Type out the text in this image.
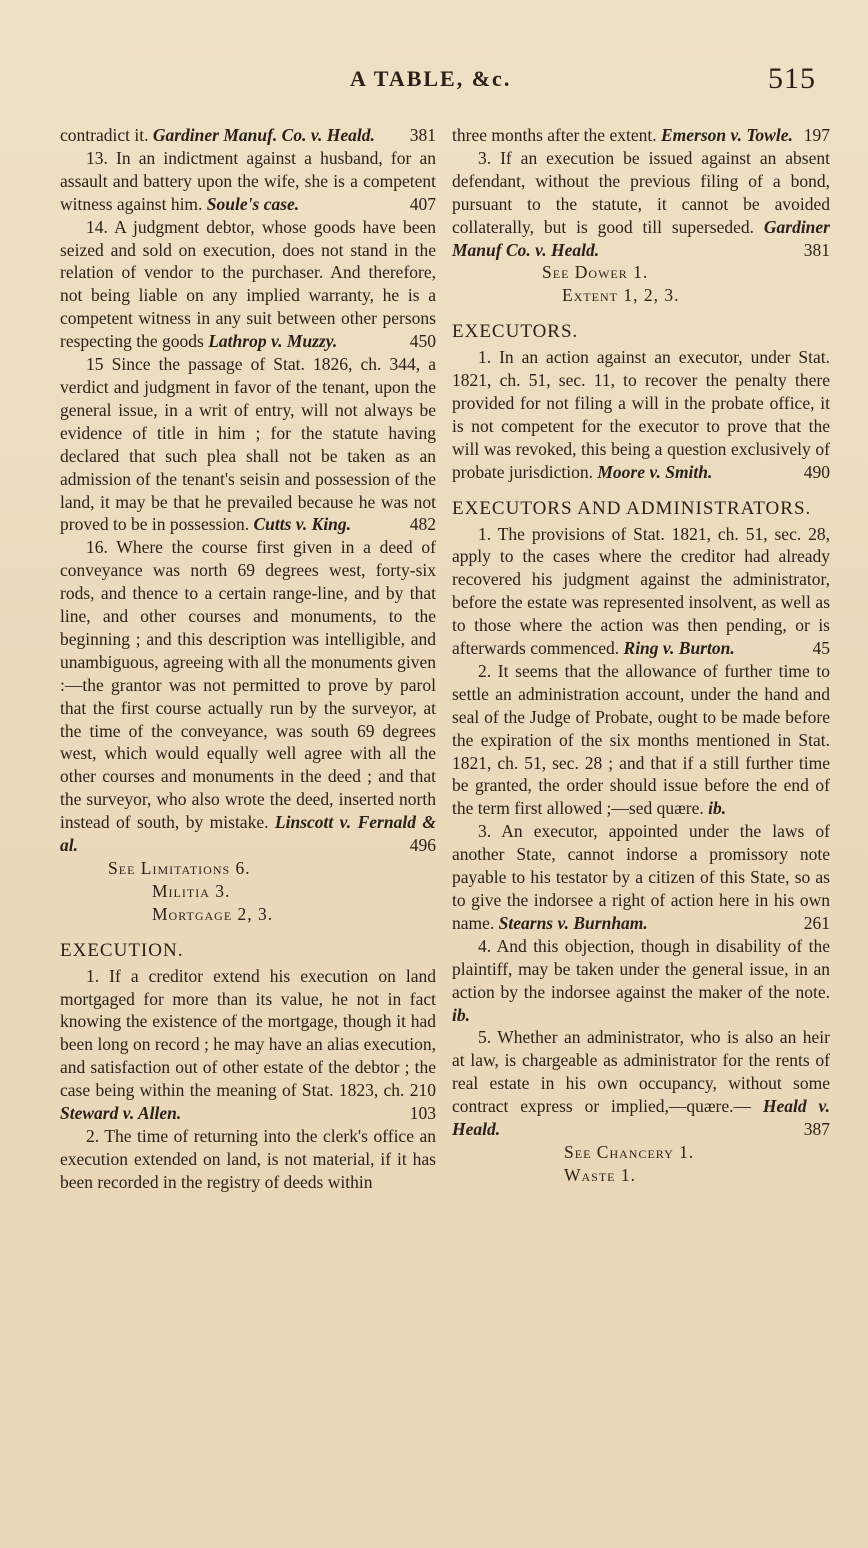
A TABLE, &c.	515

contradict it. Gardiner Manuf. Co. v. Heald. 381

13. In an indictment against a husband, for an assault and battery upon the wife, she is a competent witness against him. Soule's case.	407

14. A judgment debtor, whose goods have been seized and sold on execution, does not stand in the relation of vendor to the purchaser. And therefore, not being liable on any implied warranty, he is a competent witness in any suit between other persons respecting the goods Lathrop v. Muzzy.	450

15 Since the passage of Stat. 1826, ch. 344, a verdict and judgment in favor of the tenant, upon the general issue, in a writ of entry, will not always be evidence of title in him ; for the statute having declared that such plea shall not be taken as an admission of the tenant's seisin and possession of the land, it may be that he prevailed because he was not proved to be in possession. Cutts v. King.	482

16. Where the course first given in a deed of conveyance was north 69 degrees west, forty-six rods, and thence to a certain range-line, and by that line, and other courses and monuments, to the beginning ; and this description was intelligible, and unambiguous, agreeing with all the monuments given :—the grantor was not permitted to prove by parol that the first course actually run by the surveyor, at the time of the conveyance, was south 69 degrees west, which would equally well agree with all the other courses and monuments in the deed ; and that the surveyor, who also wrote the deed, inserted north instead of south, by mistake. Linscott v. Fernald & al.	496

See Limitations 6.

Militia 3.

Mortgage 2, 3.

EXECUTION.

1. If a creditor extend his execution on land mortgaged for more than its value, he not in fact knowing the existence of the mortgage, though it had been long on record ; he may have an alias execution, and satisfaction out of other estate of the debtor ; the case being within the meaning of Stat. 1823, ch. 210 Steward v. Allen.	103

2. The time of returning into the clerk's office an execution extended on land, is not material, if it has been recorded in the registry of deeds within

three months after the extent. Emerson v. Towle. 197

3. If an execution be issued against an absent defendant, without the previous filing of a bond, pursuant to the statute, it cannot be avoided collaterally, but is good till superseded. Gardiner Manuf Co. v. Heald.	381

See Dower 1.

Extent 1, 2, 3.

EXECUTORS.

1. In an action against an executor, under Stat. 1821, ch. 51, sec. 11, to recover the penalty there provided for not filing a will in the probate office, it is not competent for the executor to prove that the will was revoked, this being a question exclusively of probate jurisdiction. Moore v. Smith.	490

EXECUTORS AND ADMINISTRATORS.

1. The provisions of Stat. 1821, ch. 51, sec. 28, apply to the cases where the creditor had already recovered his judgment against the administrator, before the estate was represented insolvent, as well as to those where the action was then pending, or is afterwards commenced. Ring v. Burton.	45

2. It seems that the allowance of further time to settle an administration account, under the hand and seal of the Judge of Probate, ought to be made before the expiration of the six months mentioned in Stat. 1821, ch. 51, sec. 28 ; and that if a still further time be granted, the order should issue before the end of the term first allowed ;—sed quære. ib.

3. An executor, appointed under the laws of another State, cannot indorse a promissory note payable to his testator by a citizen of this State, so as to give the indorsee a right of action here in his own name. Stearns v. Burnham.	261

4. And this objection, though in disability of the plaintiff, may be taken under the general issue, in an action by the indorsee against the maker of the note. ib.

5. Whether an administrator, who is also an heir at law, is chargeable as administrator for the rents of real estate in his own occupancy, without some contract express or implied,—quære.— Heald v. Heald.	387

See Chancery 1.

Waste 1.
